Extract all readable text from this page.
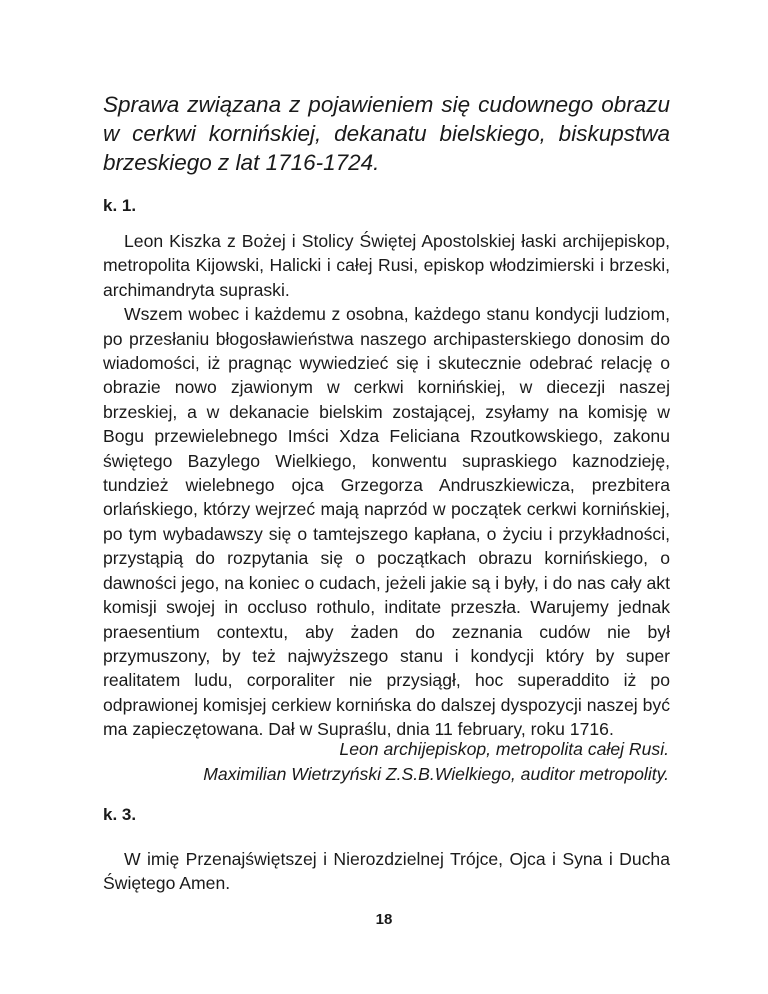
Sprawa związana z pojawieniem się cudownego obrazu w cerkwi kornińskiej, dekanatu bielskiego, biskupstwa brzeskiego z lat 1716-1724.
k. 1.

Leon Kiszka z Bożej i Stolicy Świętej Apostolskiej łaski archijepiskop, metropolita Kijowski, Halicki i całej Rusi, episkop włodzimierski i brzeski, archimandryta supraski.

Wszem wobec i każdemu z osobna, każdego stanu kondycji ludziom, po przesłaniu błogosławieństwa naszego archipasterskiego donosim do wiadomości, iż pragnąc wywiedzieć się i skutecznie odebrać relację o obrazie nowo zjawionym w cerkwi kornińskiej, w diecezji naszej brzeskiej, a w dekanacie bielskim zostającej, zsyłamy na komisję w Bogu przewielebnego Imści Xdza Feliciana Rzoutkowskiego, zakonu świętego Bazylego Wielkiego, konwentu supraskiego kaznodzieję, tundzież wielebnego ojca Grzegorza Andruszkiewicza, prezbitera orlańskiego, którzy wejrzeć mają naprzód w początek cerkwi kornińskiej, po tym wybadawszy się o tamtejszego kapłana, o życiu i przykładności, przystąpią do rozpytania się o początkach obrazu kornińskiego, o dawności jego, na koniec o cudach, jeżeli jakie są i były, i do nas cały akt komisji swojej in occluso rothulo, inditate przeszła. Warujemy jednak praesentium contextu, aby żaden do zeznania cudów nie był przymuszony, by też najwyższego stanu i kondycji który by super realitatem ludu, corporaliter nie przysiągł, hoc superaddito iż po odprawionej komisjej cerkiew kornińska do dalszej dyspozycji naszej być ma zapieczętowana. Dał w Supraślu, dnia 11 february, roku 1716.

Leon archijepiskop, metropolita całej Rusi.
Maximilian Wietrzyński Z.S.B.Wielkiego, auditor metropolity.
k. 3.

W imię Przenajświętszej i Nierozdzielnej Trójce, Ojca i Syna i Ducha Świętego Amen.

18
